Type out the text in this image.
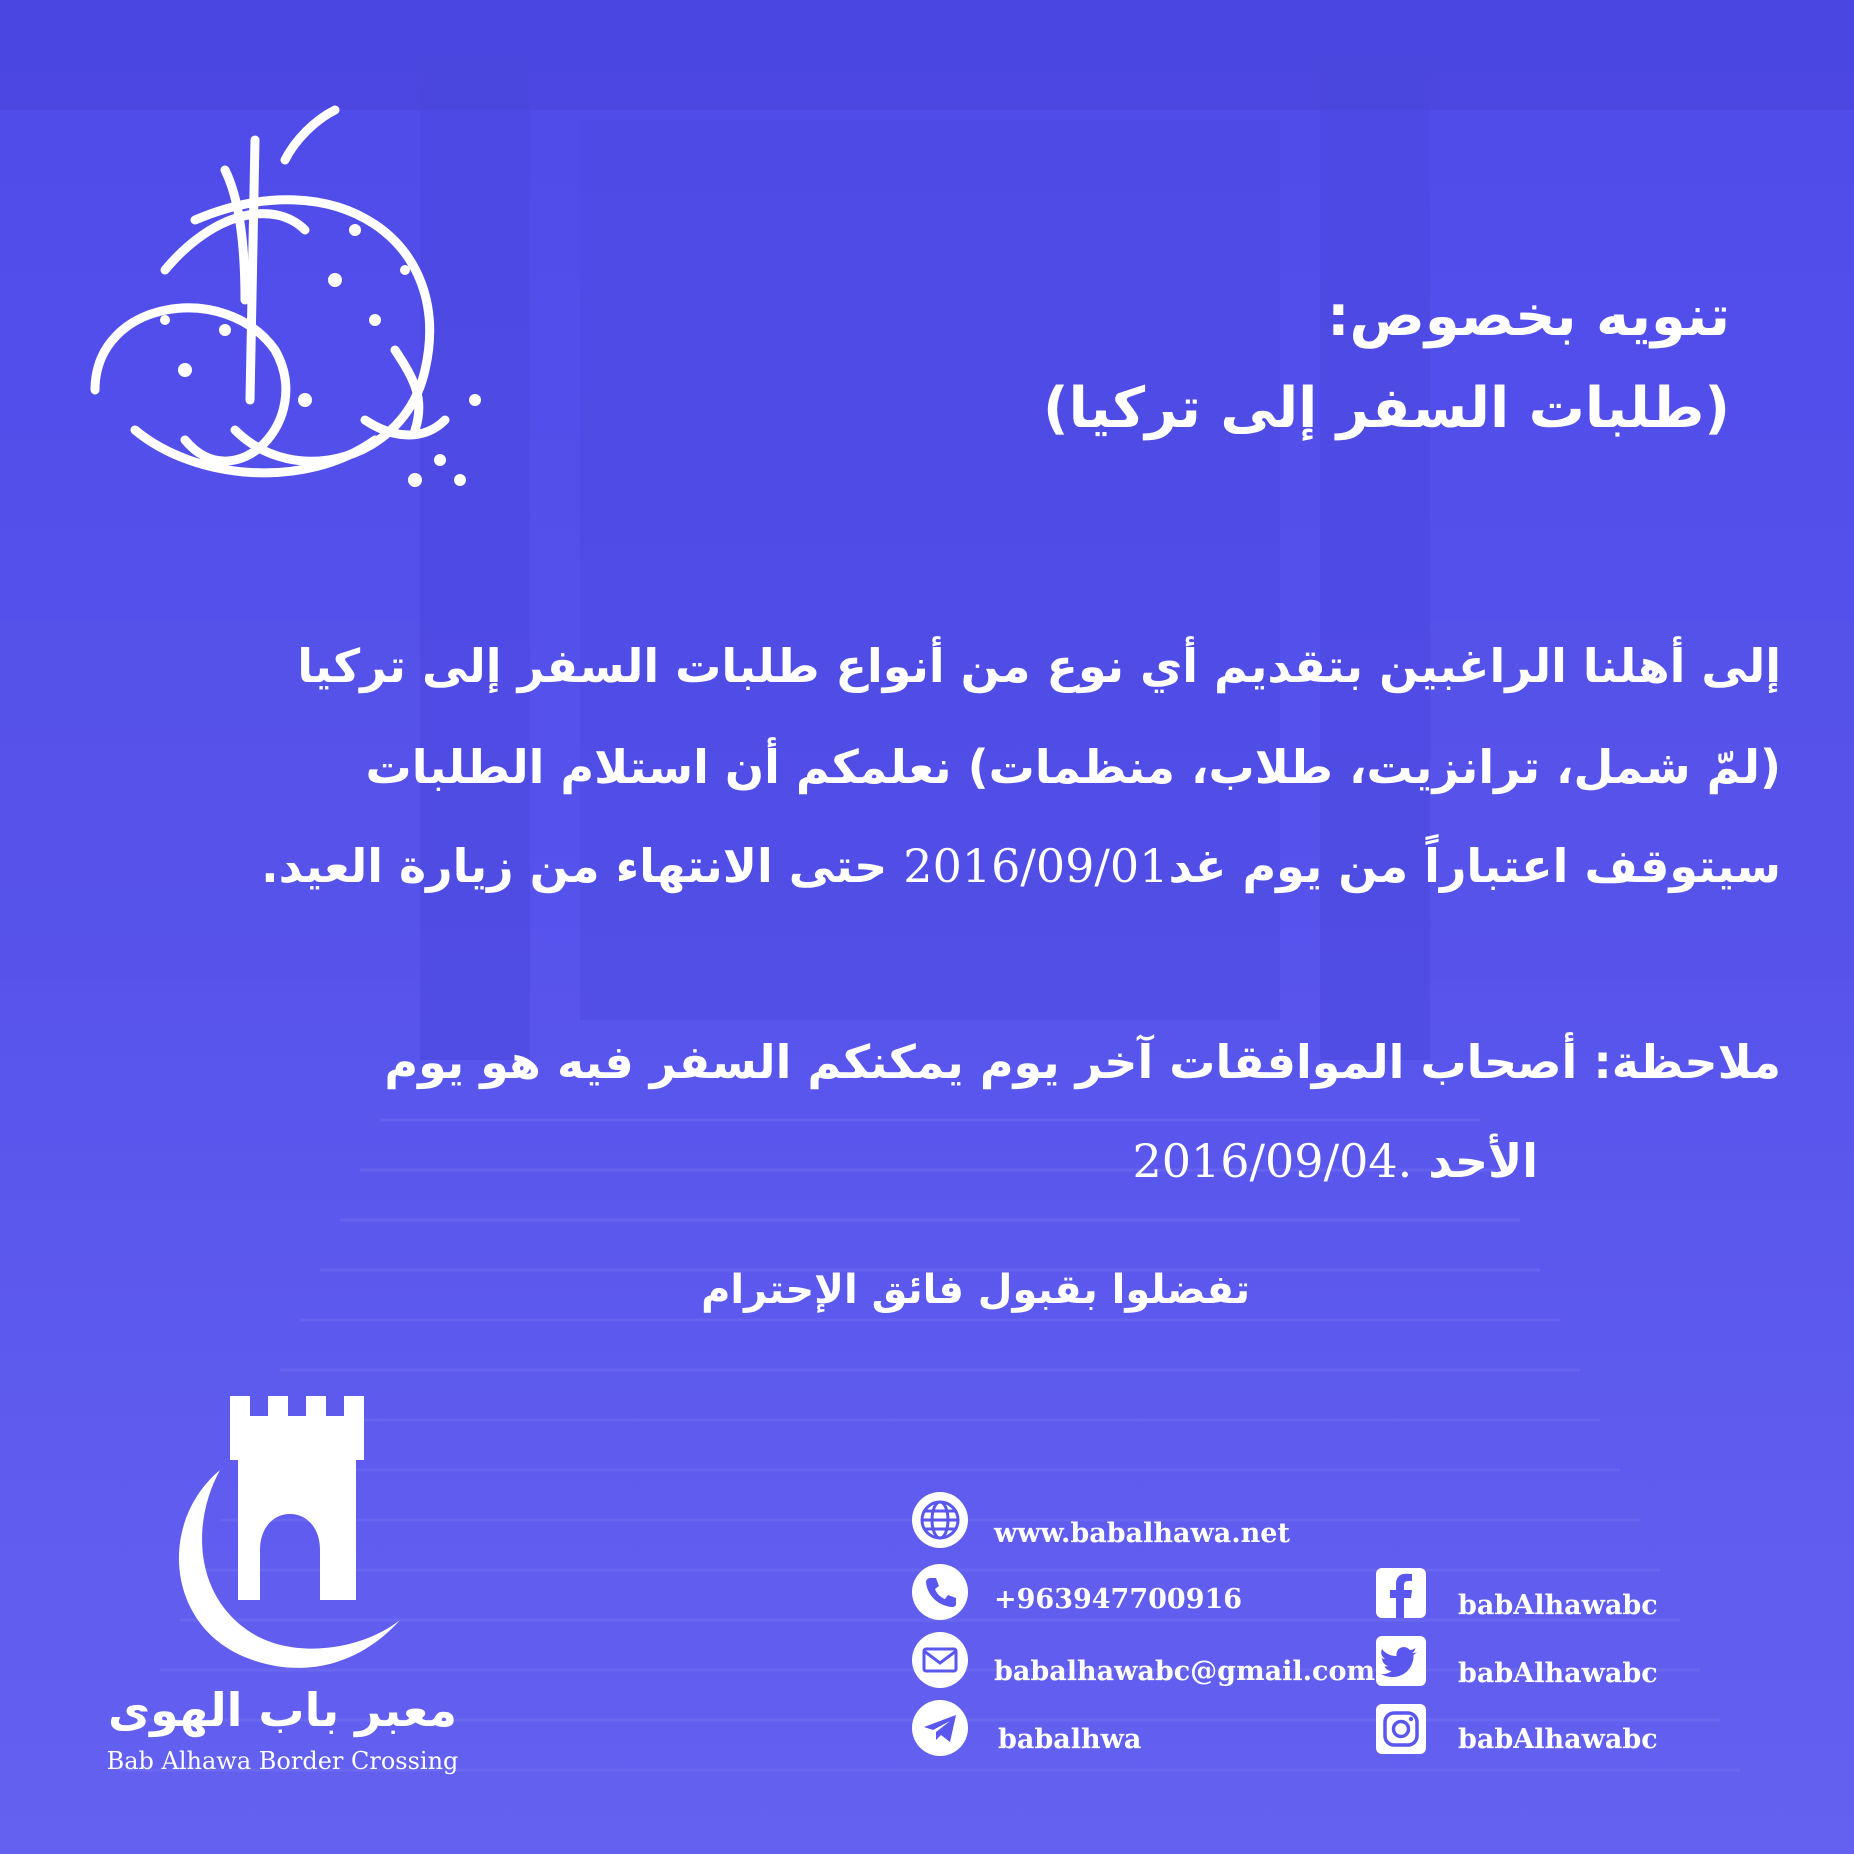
تنويه بخصوص:
(طلبات السفر إلى تركيا)
إلى أهلنا الراغبين بتقديم أي نوع من أنواع طلبات السفر إلى تركيا
(لمّ شمل، ترانزيت، طلاب، منظمات) نعلمكم أن استلام الطلبات
سيتوقف اعتباراً من يوم غد2016/09/01 حتى الانتهاء من زيارة العيد.
ملاحظة: أصحاب الموافقات آخر يوم يمكنكم السفر فيه هو يوم
الأحد 2016/09/04.
تفضلوا بقبول فائق الإحترام
معبر باب الهوى
Bab Alhawa Border Crossing
www.babalhawa.net
+963947700916
babalhawabc@gmail.com
babalhwa
babAlhawabc
babAlhawabc
babAlhawabc
